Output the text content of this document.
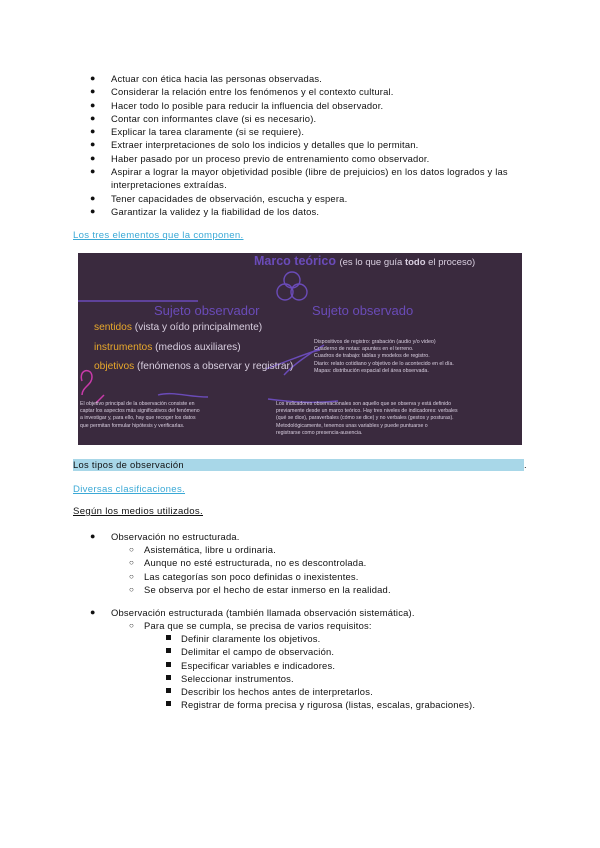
● Actuar con ética hacia las personas observadas.
● Considerar la relación entre los fenómenos y el contexto cultural.
● Hacer todo lo posible para reducir la influencia del observador.
● Contar con informantes clave (si es necesario).
● Explicar la tarea claramente (si se requiere).
● Extraer interpretaciones de solo los indicios y detalles que lo permitan.
● Haber pasado por un proceso previo de entrenamiento como observador.
● Aspirar a lograr la mayor objetividad posible (libre de prejuicios) en los datos logrados y las interpretaciones extraídas.
● Tener capacidades de observación, escucha y espera.
● Garantizar la validez y la fiabilidad de los datos.
Los tres elementos que la componen.
Marco teórico (es lo que guía todo el proceso)
Sujeto observador	Sujeto observado
sentidos (vista y oído principalmente)
instrumentos (medios auxiliares)
objetivos (fenómenos a observar y registrar)
Dispositivos de registro: grabación (audio y/o video)
Cuaderno de notas: apuntes en el terreno.
Cuadros de trabajo: tablas y modelos de registro.
Diario: relato cotidiano y objetivo de lo acontecido en el día.
Mapas: distribución espacial del área observada.
El objetivo principal de la observación consiste en
captar los aspectos más significativos del fenómeno
a investigar y, para ello, hay que recoger los datos
que permitan formular hipótesis y verificarlas.
Los indicadores observacionales son aquello que se observa y está definido
previamente desde un marco teórico. Hay tres niveles de indicadores: verbales
(qué se dice), paraverbales (cómo se dice) y no verbales (gestos y posturas).
Metodológicamente, tenemos unas variables y puede puntuarse o
registrarse como presencia-ausencia.
Los tipos de observación	.
Diversas clasificaciones.
Según los medios utilizados.
● Observación no estructurada.
○ Asistemática, libre u ordinaria.
○ Aunque no esté estructurada, no es descontrolada.
○ Las categorías son poco definidas o inexistentes.
○ Se observa por el hecho de estar inmerso en la realidad.
● Observación estructurada (también llamada observación sistemática).
○ Para que se cumpla, se precisa de varios requisitos:
Definir claramente los objetivos.
Delimitar el campo de observación.
Especificar variables e indicadores.
Seleccionar instrumentos.
Describir los hechos antes de interpretarlos.
Registrar de forma precisa y rigurosa (listas, escalas, grabaciones).
